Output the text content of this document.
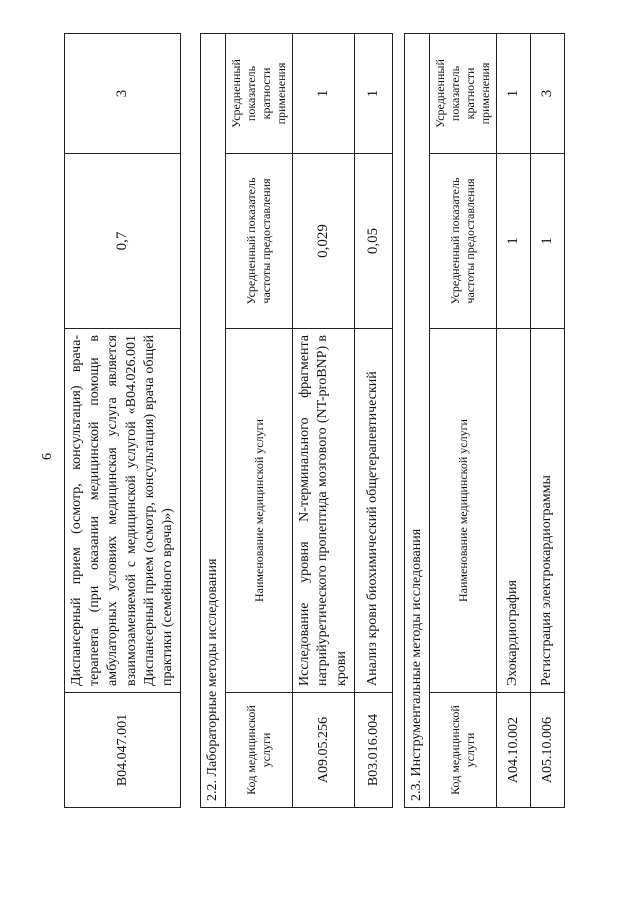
6
B04.047.001	Диспансерный прием (осмотр, консультация) врача-терапевта (при оказании медицинской помощи в амбулаторных условиях медицинская услуга является взаимозаменяемой с медицинской услугой «B04.026.001 Диспансерный прием (осмотр, консультация) врача общей практики (семейного врача)»)	0,7	3
2.2. Лабораторные методы исследования			
Код медицинской услуги	Наименование медицинской услуги	Усредненный показатель частоты предоставления	Усредненный показатель кратности применения
A09.05.256	Исследование уровня N-терминального фрагмента натрийуретического пропептида мозгового (NT-proBNP) в крови	0,029	1
B03.016.004	Анализ крови биохимический общетерапевтический	0,05	1
2.3. Инструментальные методы исследования			
Код медицинской услуги	Наименование медицинской услуги	Усредненный показатель частоты предоставления	Усредненный показатель кратности применения
A04.10.002	Эхокардиография	1	1
A05.10.006	Регистрация электрокардиограммы	1	3
